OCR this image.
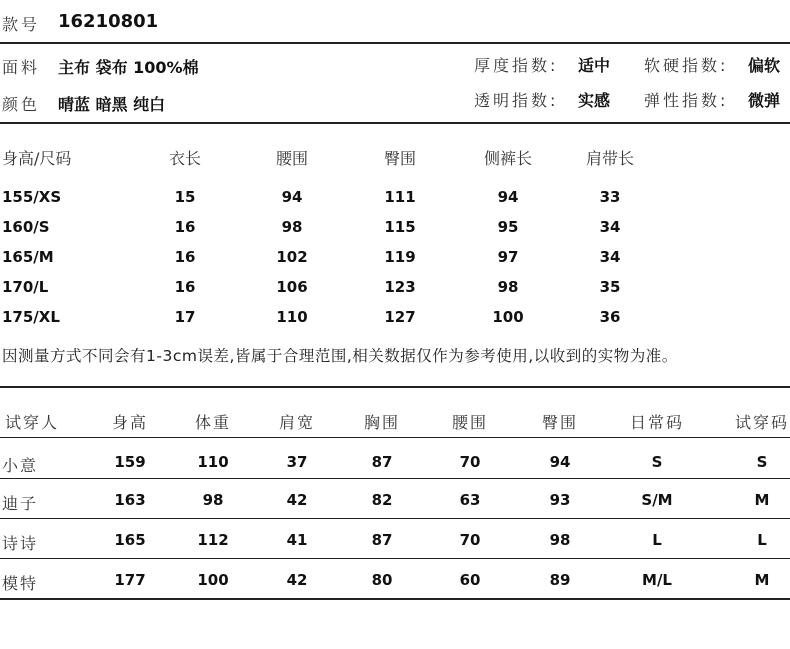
款号 16210801
面料 主布 袋布 100%棉
颜色 晴蓝 暗黑 纯白
厚度指数: 适中 软硬指数: 偏软
透明指数: 实感 弹性指数: 微弹
身高/尺码	衣长	腰围	臀围	侧裤长	肩带长
155/XS	15	94	111	94	33
160/S	16	98	115	95	34
165/M	16	102	119	97	34
170/L	16	106	123	98	35
175/XL	17	110	127	100	36
因测量方式不同会有1-3cm误差,皆属于合理范围,相关数据仅作为参考使用,以收到的实物为准。
试穿人	身高	体重	肩宽	胸围	腰围	臀围	日常码	试穿码
小意	159	110	37	87	70	94	S	S
迪子	163	98	42	82	63	93	S/M	M
诗诗	165	112	41	87	70	98	L	L
模特	177	100	42	80	60	89	M/L	M
